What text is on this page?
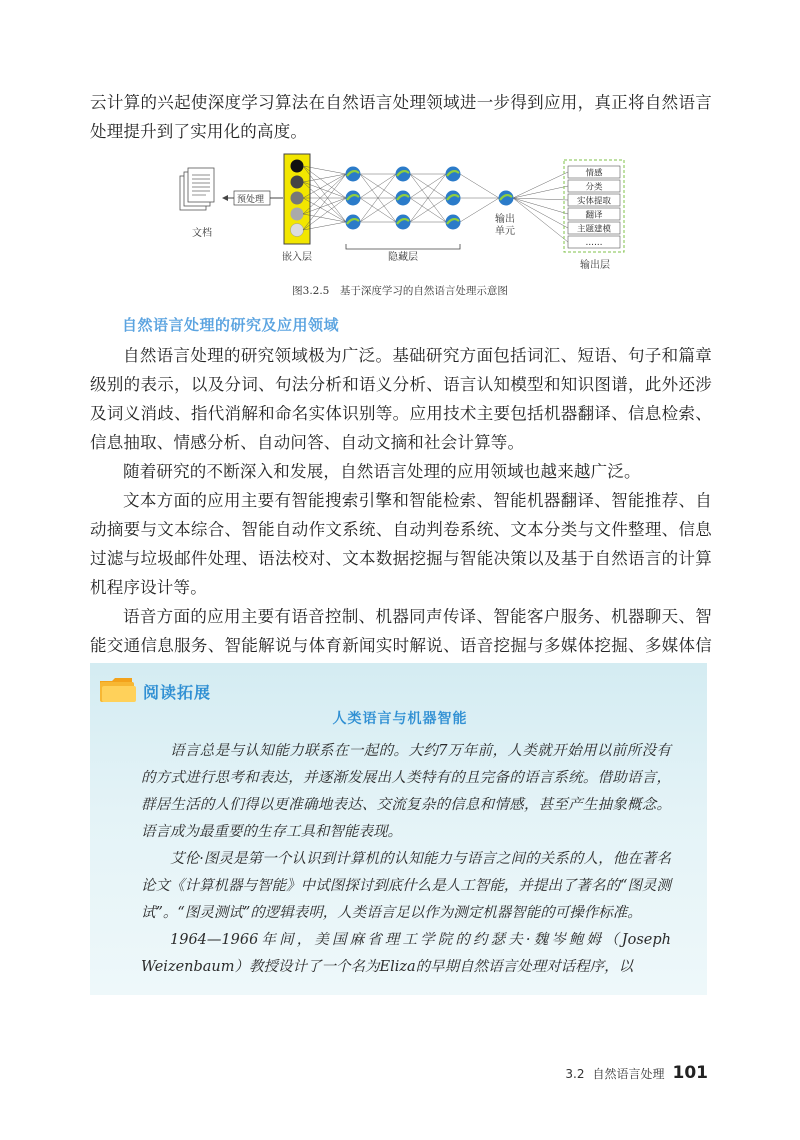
云计算的兴起使深度学习算法在自然语言处理领域进一步得到应用，真正将自然语言处理提升到了实用化的高度。

文档
预处理
嵌入层	隐藏层
输出
单元
情感
分类
实体提取
翻译
主题建模
……
输出层
图3.2.5　基于深度学习的自然语言处理示意图
自然语言处理的研究及应用领域

自然语言处理的研究领域极为广泛。基础研究方面包括词汇、短语、句子和篇章级别的表示，以及分词、句法分析和语义分析、语言认知模型和知识图谱，此外还涉及词义消歧、指代消解和命名实体识别等。应用技术主要包括机器翻译、信息检索、信息抽取、情感分析、自动问答、自动文摘和社会计算等。

随着研究的不断深入和发展，自然语言处理的应用领域也越来越广泛。

文本方面的应用主要有智能搜索引擎和智能检索、智能机器翻译、智能推荐、自动摘要与文本综合、智能自动作文系统、自动判卷系统、文本分类与文件整理、信息过滤与垃圾邮件处理、语法校对、文本数据挖掘与智能决策以及基于自然语言的计算机程序设计等。

语音方面的应用主要有语音控制、机器同声传译、智能客户服务、机器聊天、智能交通信息服务、智能解说与体育新闻实时解说、语音挖掘与多媒体挖掘、多媒体信

阅读拓展
人类语言与机器智能

语言总是与认知能力联系在一起的。大约7万年前，人类就开始用以前所没有的方式进行思考和表达，并逐渐发展出人类特有的且完备的语言系统。借助语言，群居生活的人们得以更准确地表达、交流复杂的信息和情感，甚至产生抽象概念。语言成为最重要的生存工具和智能表现。

艾伦·图灵是第一个认识到计算机的认知能力与语言之间的关系的人，他在著名论文《计算机器与智能》中试图探讨到底什么是人工智能，并提出了著名的“图灵测试”。“图灵测试”的逻辑表明，人类语言足以作为测定机器智能的可操作标准。

1964—1966年间，美国麻省理工学院的约瑟夫·魏岑鲍姆（Joseph Weizenbaum）教授设计了一个名为Eliza的早期自然语言处理对话程序，以

3.2 自然语言处理 101
